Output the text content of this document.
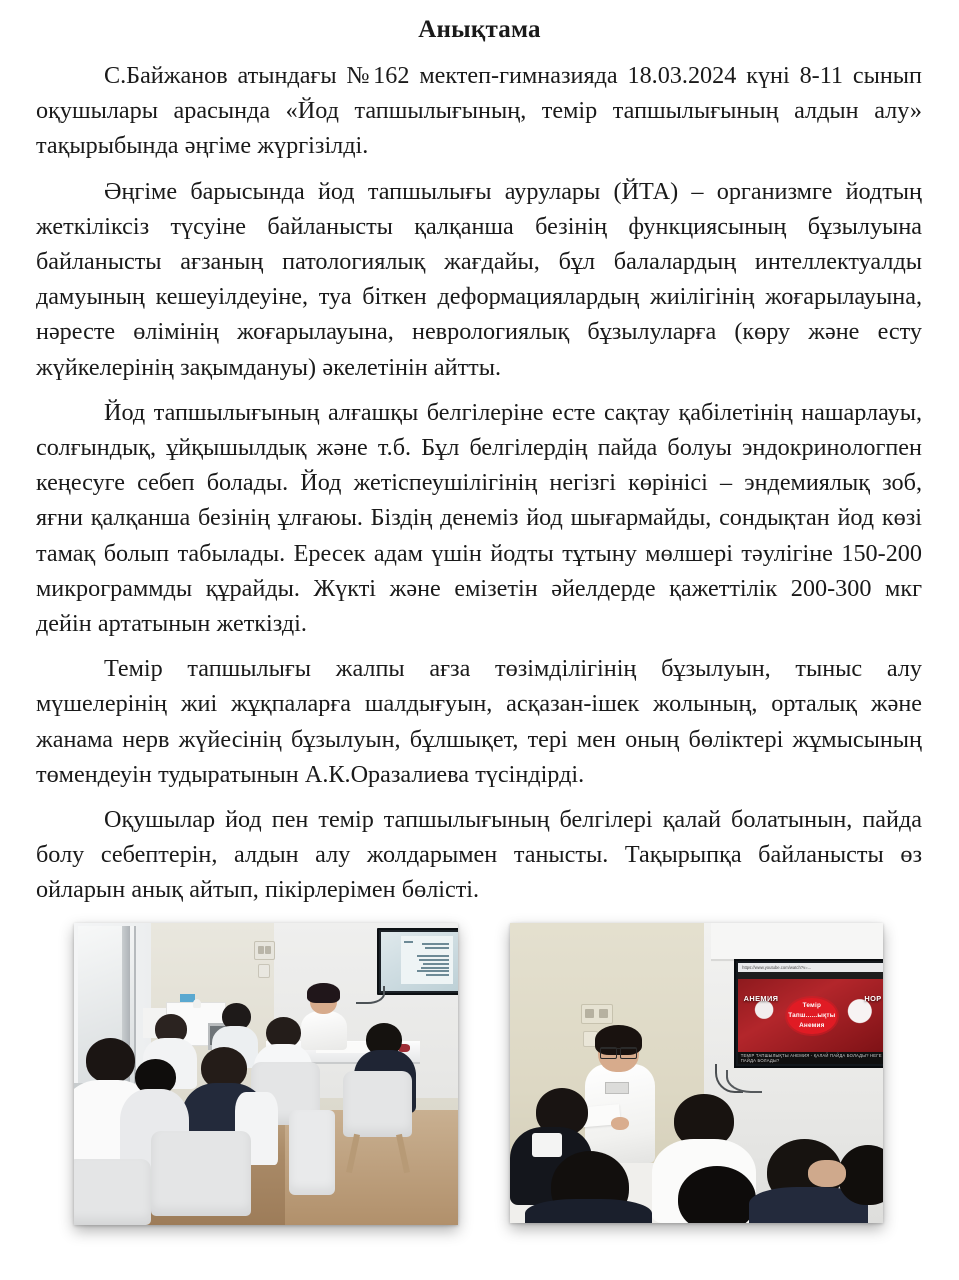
Анықтама

С.Байжанов атындағы №162 мектеп-гимназияда 18.03.2024 күні 8-11 сынып оқушылары арасында «Йод тапшылығының, темір тапшылығының алдын алу» тақырыбында әңгіме жүргізілді.

Әңгіме барысында йод тапшылығы аурулары (ЙТА) – организмге йодтың жеткіліксіз түсуіне байланысты қалқанша безінің функциясының бұзылуына байланысты ағзаның патологиялық жағдайы, бұл балалардың интеллектуалды дамуының кешеуілдеуіне, туа біткен деформациялардың жиілігінің жоғарылауына, нәресте өлімінің жоғарылауына, неврологиялық бұзылуларға (көру және есту жүйкелерінің зақымдануы) әкелетінін айтты.

Йод тапшылығының алғашқы белгілеріне есте сақтау қабілетінің нашарлауы, солғындық, ұйқышылдық және т.б. Бұл белгілердің пайда болуы эндокринологпен кеңесуге себеп болады. Йод жетіспеушілігінің негізгі көрінісі – эндемиялық зоб, яғни қалқанша безінің ұлғаюы. Біздің денеміз йод шығармайды, сондықтан йод көзі тамақ болып табылады. Ересек адам үшін йодты тұтыну мөлшері тәулігіне 150-200 микрограммды құрайды. Жүкті және емізетін әйелдерде қажеттілік 200-300 мкг дейін артатынын жеткізді.

Темір тапшылығы жалпы ағза төзімділігінің бұзылуын, тыныс алу мүшелерінің жиі жұқпаларға шалдығуын, асқазан-ішек жолының, орталық және жанама нерв жүйесінің бұзылуын, бұлшықет, тері мен оның бөліктері жұмысының төмендеуін тудыратынын А.К.Оразалиева түсіндірді.

Оқушылар йод пен темір тапшылығының белгілері қалай болатынын, пайда болу себептерін, алдын алу жолдарымен танысты. Тақырыпқа байланысты өз ойларын анық айтып, пікірлерімен бөлісті.

https://www.youtube.com/watch?v=...
АНЕМИЯ	НОР
Темір
Тапш......ықты
Анемия
ТЕМІР ТАПШЫЛЫҚТЫ АНЕМИЯ - ҚАЛАЙ ПАЙДА БОЛАДЫ? НЕГЕ ПАЙДА БОЛАДЫ?
